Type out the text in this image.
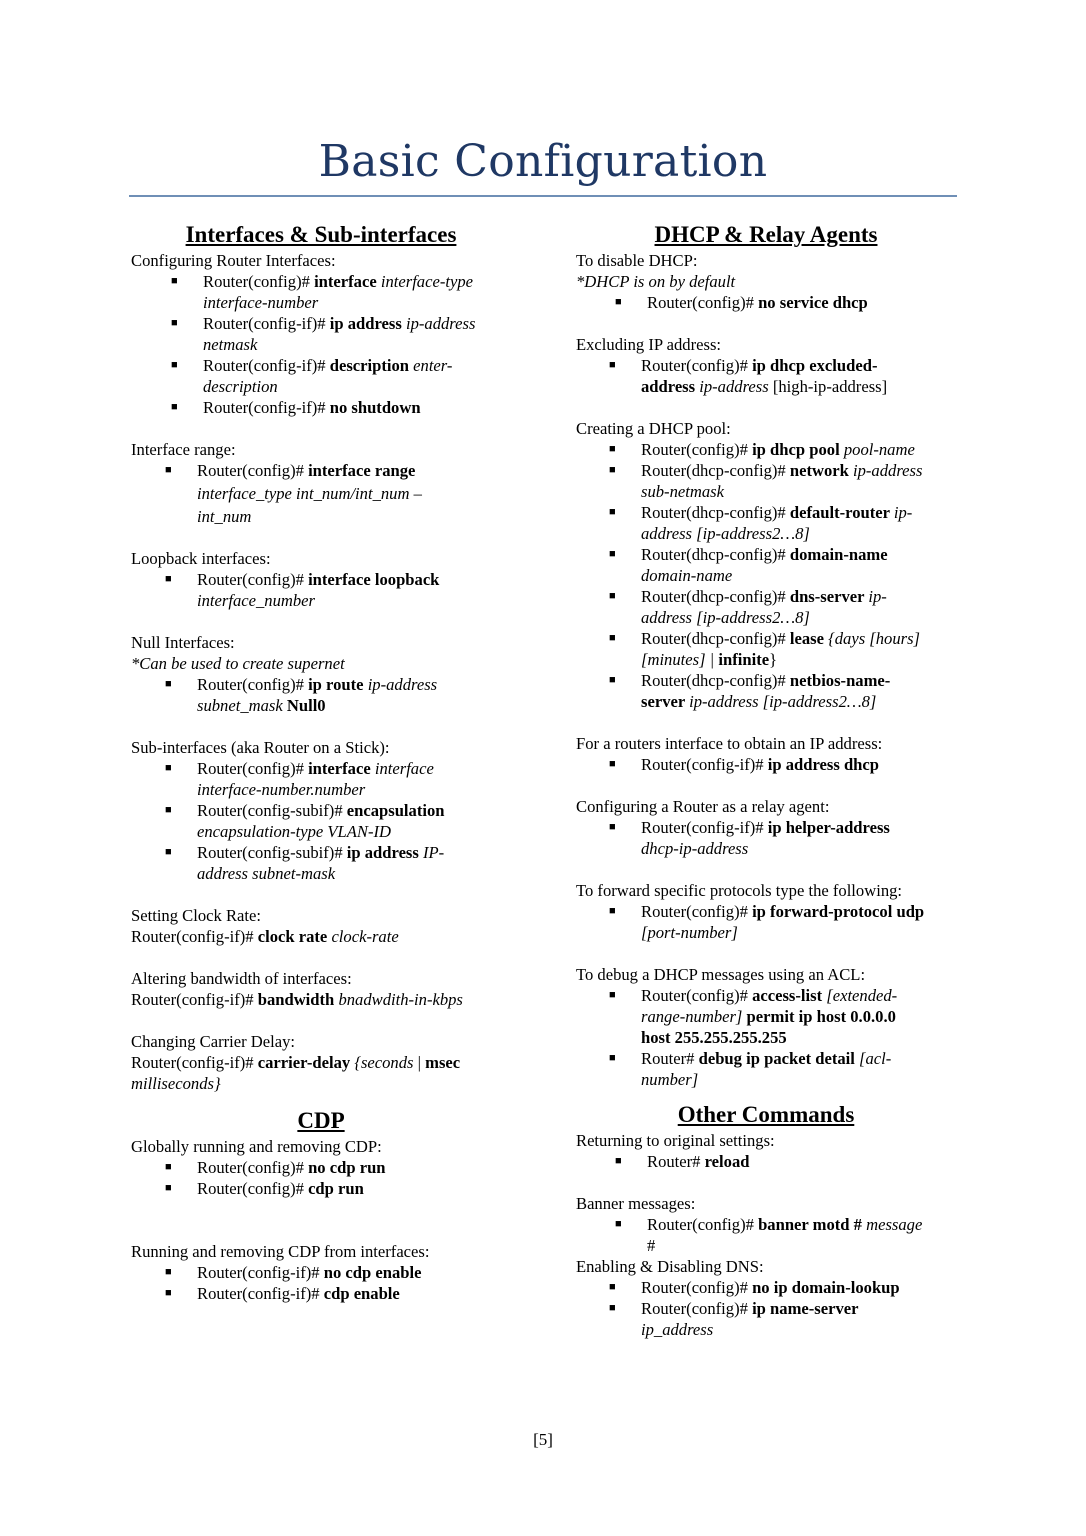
Basic Configuration
Interfaces & Sub-interfaces
Configuring Router Interfaces:
■ Router(config)# interface interface-type
interface-number
■ Router(config-if)# ip address ip-address
netmask
■ Router(config-if)# description enter-
description
■ Router(config-if)# no shutdown
Interface range:
■ Router(config)# interface range
interface_type int_num/int_num –
int_num
Loopback interfaces:
■ Router(config)# interface loopback
interface_number
Null Interfaces:
*Can be used to create supernet
■ Router(config)# ip route ip-address
subnet_mask Null0
Sub-interfaces (aka Router on a Stick):
■ Router(config)# interface interface
interface-number.number
■ Router(config-subif)# encapsulation
encapsulation-type VLAN-ID
■ Router(config-subif)# ip address IP-
address subnet-mask
Setting Clock Rate:
Router(config-if)# clock rate clock-rate
Altering bandwidth of interfaces:
Router(config-if)# bandwidth bnadwdith-in-kbps
Changing Carrier Delay:
Router(config-if)# carrier-delay {seconds | msec
milliseconds}
CDP
Globally running and removing CDP:
■ Router(config)# no cdp run
■ Router(config)# cdp run
Running and removing CDP from interfaces:
■ Router(config-if)# no cdp enable
■ Router(config-if)# cdp enable
DHCP & Relay Agents
To disable DHCP:
*DHCP is on by default
■ Router(config)# no service dhcp
Excluding IP address:
■ Router(config)# ip dhcp excluded-
address ip-address [high-ip-address]
Creating a DHCP pool:
■ Router(config)# ip dhcp pool pool-name
■ Router(dhcp-config)# network ip-address
sub-netmask
■ Router(dhcp-config)# default-router ip-
address [ip-address2…8]
■ Router(dhcp-config)# domain-name
domain-name
■ Router(dhcp-config)# dns-server ip-
address [ip-address2…8]
■ Router(dhcp-config)# lease {days [hours]
[minutes] | infinite}
■ Router(dhcp-config)# netbios-name-
server ip-address [ip-address2…8]
For a routers interface to obtain an IP address:
■ Router(config-if)# ip address dhcp
Configuring a Router as a relay agent:
■ Router(config-if)# ip helper-address
dhcp-ip-address
To forward specific protocols type the following:
■ Router(config)# ip forward-protocol udp
[port-number]
To debug a DHCP messages using an ACL:
■ Router(config)# access-list [extended-
range-number] permit ip host 0.0.0.0
host 255.255.255.255
■ Router# debug ip packet detail [acl-
number]
Other Commands
Returning to original settings:
■ Router# reload
Banner messages:
■ Router(config)# banner motd # message
#
Enabling & Disabling DNS:
■ Router(config)# no ip domain-lookup
■ Router(config)# ip name-server
ip_address
[5]
